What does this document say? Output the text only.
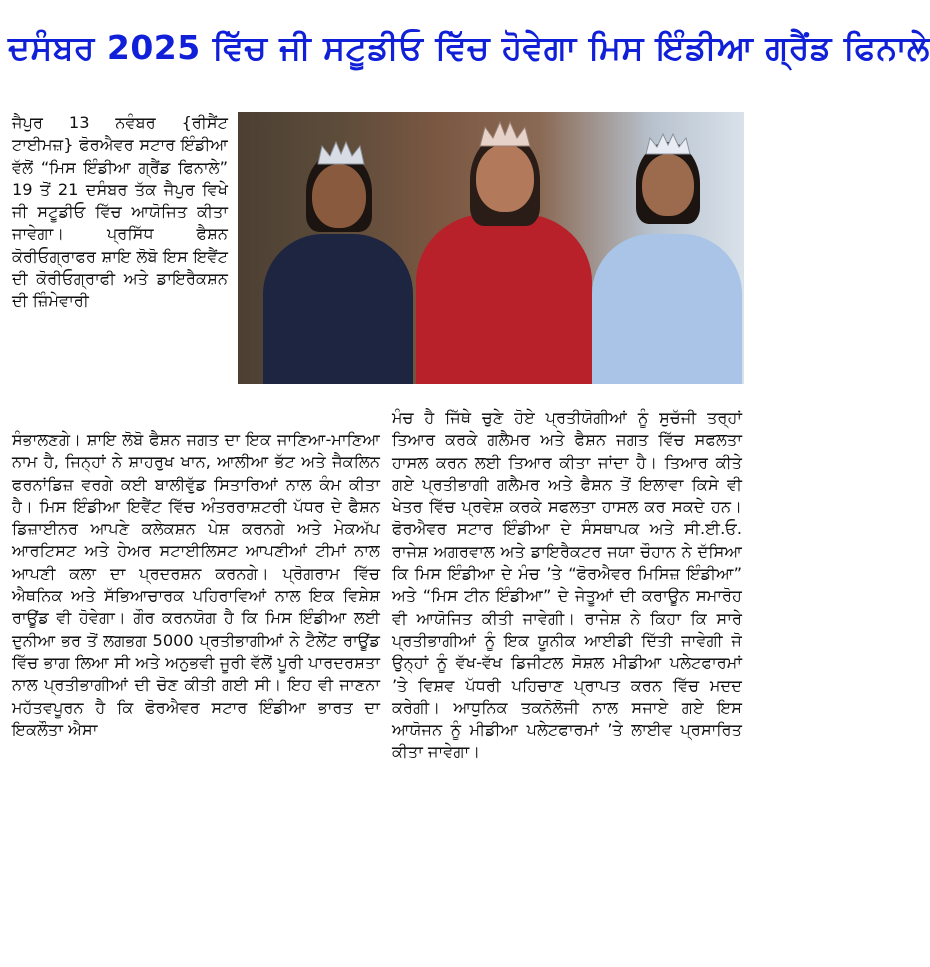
ਦਸੰਬਰ 2025 ਵਿੱਚ ਜੀ ਸਟੂਡੀਓ ਵਿੱਚ ਹੋਵੇਗਾ ਮਿਸ ਇੰਡੀਆ ਗ੍ਰੈਂਡ ਫਿਨਾਲੇ

ਜੈਪੁਰ 13 ਨਵੰਬਰ {ਰੀਸੈਂਟ ਟਾਈਮਜ਼} ਫੋਰਐਵਰ ਸਟਾਰ ਇੰਡੀਆ ਵੱਲੋਂ “ਮਿਸ ਇੰਡੀਆ ਗ੍ਰੈਂਡ ਫਿਨਾਲੇ” 19 ਤੋਂ 21 ਦਸੰਬਰ ਤੱਕ ਜੈਪੁਰ ਵਿਖੇ ਜੀ ਸਟੂਡੀਓ ਵਿੱਚ ਆਯੋਜਿਤ ਕੀਤਾ ਜਾਵੇਗਾ। ਪ੍ਰਸਿੱਧ ਫੈਸ਼ਨ ਕੋਰੀਓਗ੍ਰਾਫਰ ਸ਼ਾਇ ਲੋਬੋ ਇਸ ਇਵੈਂਟ ਦੀ ਕੋਰੀਓਗ੍ਰਾਫੀ ਅਤੇ ਡਾਇਰੈਕਸ਼ਨ ਦੀ ਜ਼ਿੰਮੇਵਾਰੀ

ਸੰਭਾਲਣਗੇ। ਸ਼ਾਇ ਲੋਬੋ ਫੈਸ਼ਨ ਜਗਤ ਦਾ ਇਕ ਜਾਣਿਆ-ਮਾਣਿਆ ਨਾਮ ਹੈ, ਜਿਨ੍ਹਾਂ ਨੇ ਸ਼ਾਹਰੁਖ ਖਾਨ, ਆਲੀਆ ਭੱਟ ਅਤੇ ਜੈਕਲਿਨ ਫਰਨਾਂਡਿਜ਼ ਵਰਗੇ ਕਈ ਬਾਲੀਵੁੱਡ ਸਿਤਾਰਿਆਂ ਨਾਲ ਕੰਮ ਕੀਤਾ ਹੈ। ਮਿਸ ਇੰਡੀਆ ਇਵੈਂਟ ਵਿੱਚ ਅੰਤਰਰਾਸ਼ਟਰੀ ਪੱਧਰ ਦੇ ਫੈਸ਼ਨ ਡਿਜ਼ਾਈਨਰ ਆਪਣੇ ਕਲੇਕਸ਼ਨ ਪੇਸ਼ ਕਰਨਗੇ ਅਤੇ ਮੇਕਅੱਪ ਆਰਟਿਸਟ ਅਤੇ ਹੇਅਰ ਸਟਾਈਲਿਸਟ ਆਪਣੀਆਂ ਟੀਮਾਂ ਨਾਲ ਆਪਣੀ ਕਲਾ ਦਾ ਪ੍ਰਦਰਸ਼ਨ ਕਰਨਗੇ। ਪ੍ਰੋਗਰਾਮ ਵਿੱਚ ਐਥਨਿਕ ਅਤੇ ਸੱਭਿਆਚਾਰਕ ਪਹਿਰਾਵਿਆਂ ਨਾਲ ਇਕ ਵਿਸ਼ੇਸ਼ ਰਾਊਂਡ ਵੀ ਹੋਵੇਗਾ। ਗੌਰ ਕਰਨਯੋਗ ਹੈ ਕਿ ਮਿਸ ਇੰਡੀਆ ਲਈ ਦੁਨੀਆ ਭਰ ਤੋਂ ਲਗਭਗ 5000 ਪ੍ਰਤੀਭਾਗੀਆਂ ਨੇ ਟੈਲੇਂਟ ਰਾਊਂਡ ਵਿੱਚ ਭਾਗ ਲਿਆ ਸੀ ਅਤੇ ਅਨੁਭਵੀ ਜੂਰੀ ਵੱਲੋਂ ਪੂਰੀ ਪਾਰਦਰਸ਼ਤਾ ਨਾਲ ਪ੍ਰਤੀਭਾਗੀਆਂ ਦੀ ਚੋਣ ਕੀਤੀ ਗਈ ਸੀ। ਇਹ ਵੀ ਜਾਣਨਾ ਮਹੱਤਵਪੂਰਨ ਹੈ ਕਿ ਫੋਰਐਵਰ ਸਟਾਰ ਇੰਡੀਆ ਭਾਰਤ ਦਾ ਇਕਲੌਤਾ ਐਸਾ

ਮੰਚ ਹੈ ਜਿੱਥੇ ਚੁਣੇ ਹੋਏ ਪ੍ਰਤੀਯੋਗੀਆਂ ਨੂੰ ਸੁਚੱਜੀ ਤਰ੍ਹਾਂ ਤਿਆਰ ਕਰਕੇ ਗਲੈਮਰ ਅਤੇ ਫੈਸ਼ਨ ਜਗਤ ਵਿੱਚ ਸਫਲਤਾ ਹਾਸਲ ਕਰਨ ਲਈ ਤਿਆਰ ਕੀਤਾ ਜਾਂਦਾ ਹੈ। ਤਿਆਰ ਕੀਤੇ ਗਏ ਪ੍ਰਤੀਭਾਗੀ ਗਲੈਮਰ ਅਤੇ ਫੈਸ਼ਨ ਤੋਂ ਇਲਾਵਾ ਕਿਸੇ ਵੀ ਖੇਤਰ ਵਿੱਚ ਪ੍ਰਵੇਸ਼ ਕਰਕੇ ਸਫਲਤਾ ਹਾਸਲ ਕਰ ਸਕਦੇ ਹਨ। ਫੋਰਐਵਰ ਸਟਾਰ ਇੰਡੀਆ ਦੇ ਸੰਸਥਾਪਕ ਅਤੇ ਸੀ.ਈ.ਓ. ਰਾਜੇਸ਼ ਅਗਰਵਾਲ ਅਤੇ ਡਾਇਰੈਕਟਰ ਜਯਾ ਚੌਹਾਨ ਨੇ ਦੱਸਿਆ ਕਿ ਮਿਸ ਇੰਡੀਆ ਦੇ ਮੰਚ ’ਤੇ “ਫੋਰਐਵਰ ਮਿਸਿਜ਼ ਇੰਡੀਆ” ਅਤੇ “ਮਿਸ ਟੀਨ ਇੰਡੀਆ” ਦੇ ਜੇਤੂਆਂ ਦੀ ਕਰਾਊਨ ਸਮਾਰੋਹ ਵੀ ਆਯੋਜਿਤ ਕੀਤੀ ਜਾਵੇਗੀ। ਰਾਜੇਸ਼ ਨੇ ਕਿਹਾ ਕਿ ਸਾਰੇ ਪ੍ਰਤੀਭਾਗੀਆਂ ਨੂੰ ਇਕ ਯੂਨੀਕ ਆਈਡੀ ਦਿੱਤੀ ਜਾਵੇਗੀ ਜੋ ਉਨ੍ਹਾਂ ਨੂੰ ਵੱਖ-ਵੱਖ ਡਿਜੀਟਲ ਸੋਸ਼ਲ ਮੀਡੀਆ ਪਲੇਟਫਾਰਮਾਂ ’ਤੇ ਵਿਸ਼ਵ ਪੱਧਰੀ ਪਹਿਚਾਣ ਪ੍ਰਾਪਤ ਕਰਨ ਵਿੱਚ ਮਦਦ ਕਰੇਗੀ। ਆਧੁਨਿਕ ਤਕਨੋਲੋਜੀ ਨਾਲ ਸਜਾਏ ਗਏ ਇਸ ਆਯੋਜਨ ਨੂੰ ਮੀਡੀਆ ਪਲੇਟਫਾਰਮਾਂ ’ਤੇ ਲਾਈਵ ਪ੍ਰਸਾਰਿਤ ਕੀਤਾ ਜਾਵੇਗਾ।
